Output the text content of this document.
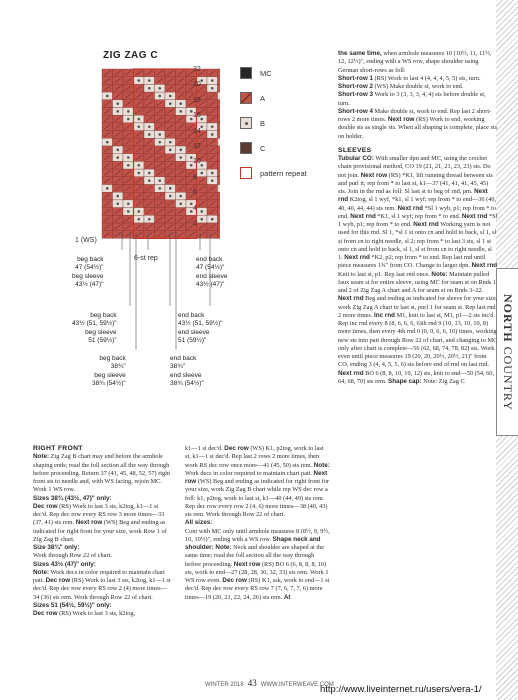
NORTH COUNTRY
ZIG ZAG C
22
20
18
16
14
12
10
8
6
4
2
1 (WS)
6-st rep
MC
A
B
C
pattern repeat
beg back
47 (54½)"
beg sleeve
43½ (47)"
beg back
43½ (51, 59½)"
beg sleeve
51 (59½)"
beg back
38¾"
beg sleeve
38¾ (54½)"
end back
47 (54½)"
end sleeve
43½ (47)"
end back
43½ (51, 59½)"
end sleeve
51 (59½)"
end back
38¾"
end sleeve
38¾ (54½)"

the same time, when armhole measures 10 (10½, 11, 11½, 12, 12½)", ending with a WS row, shape shoulder using German short-rows as foll:

Short-row 1 (RS) Work to last 4 (4, 4, 4, 5, 5) sts, turn.

Short-row 2 (WS) Make double st, work to end.

Short-row 3 Work to 3 (3, 3, 3, 4, 4) sts before double st, turn.

Short-row 4 Make double st, work to end. Rep last 2 short-rows 2 more times. Next row (RS) Work to end, working double sts as single sts. When all shaping is complete, place sts on holder.

SLEEVES

Tubular CO: With smaller dpn and MC, using the crochet chain provisional method, CO 19 (21, 21, 21, 23, 23) sts. Do not join. Next row (RS) *K1, lift running thread between sts and purl it; rep from * to last st, k1—37 (41, 41, 41, 45, 45) sts. Join in the rnd as foll: Sl last st to beg of rnd, pm. Next rnd K2tog, sl 1 wyf, *k1, sl 1 wyf; rep from * to end—36 (40, 40, 40, 44, 44) sts rem. Next rnd *Sl 1 wyb, p1; rep from * to end. Next rnd *K1, sl 1 wyf; rep from * to end. Next rnd *Sl 1 wyb, p1; rep from * to end. Next rnd Working yarn is not used for this rnd. Sl 1, *sl 1 st onto cn and hold to back, sl 1, sl st from cn to right needle, sl 2; rep from * to last 3 sts, sl 1 st onto cn and hold to back, sl 1, sl st from cn to right needle, sl 1. Next rnd *K2, p2; rep from * to end. Rep last rnd until piece measures 1¾" from CO. Change to larger dpn. Next rnd Knit to last st, p1. Rep last rnd once. Note: Maintain pulled faux seam st for entire sleeve, using MC for seam st on Rnds 1 and 2 of Zig Zag A chart and A for seam st on Rnds 3–22. Next rnd Beg and ending as indicated for sleeve for your size, work Zig Zag A chart to last st, purl 1 for seam st. Rep last rnd 2 more times. Inc rnd M1, knit to last st, M1, p1—2 sts inc'd. Rep inc rnd every 8 (8, 6, 6, 6, 6)th rnd 9 (10, 13, 10, 10, 8) more times, then every 4th rnd 0 (0, 0, 6, 6, 10) times, working new sts into patt through Row 22 of chart, and changing to MC only after chart is complete—56 (62, 68, 74, 78, 82) sts. Work even until piece measures 19 (20, 20, 20½, 20½, 21)" from CO, ending 3 (4, 4, 5, 5, 6) sts before end of rnd on last rnd. Next rnd BO 6 (8, 8, 10, 10, 12) sts, knit to end—50 (54, 60, 64, 68, 70) sts rem. Shape cap: Note: Zig Zag C

RIGHT FRONT

Note: Zig Zag B chart may end before the armhole shaping ends; read the foll section all the way through before proceeding. Return 37 (41, 45, 48, 52, 57) right front sts to needle and, with WS facing, rejoin MC. Work 1 WS row.

Sizes 38¾ (43½, 47)" only:

Dec row (RS) Work to last 3 sts, k2tog, k1—1 st dec'd. Rep dec row every RS row 3 more times—33 (37, 41) sts rem. Next row (WS) Beg and ending as indicated for right front for your size, work Row 1 of Zig Zag B chart.

Size 38¾" only:

Work through Row 22 of chart.

Sizes 43½ (47)" only:

Note: Work decs in color required to maintain chart patt. Dec row (RS) Work to last 3 sts, k2tog, k1—1 st dec'd. Rep dec row every RS row 2 (4) more times—34 (36) sts rem. Work through Row 22 of chart.

Sizes 51 (54½, 59½)" only:

Dec row (RS) Work to last 3 sts, k2tog,

k1—1 st dec'd. Dec row (WS) K1, p2tog, work to last st, k1—1 st dec'd. Rep last 2 rows 2 more times, then work RS dec row once more—41 (45, 50) sts rem. Note: Work decs in color required to maintain chart patt. Next row (WS) Beg and ending as indicated for right front for your size, work Zig Zag B chart while rep WS dec row a foll: k1, p2tog, work to last st, k1—40 (44, 49) sts rem. Rep dec row every row 2 (4, 6) more times—38 (40, 43) sts rem. Work through Row 22 of chart.

All sizes:

Cont with MC only until armhole measures 8 (8½, 9, 9½, 10, 10½)", ending with a WS row. Shape neck and shoulder: Note: Neck and shoulder are shaped at the same time; read the foll section all the way through before proceeding. Next row (RS) BO 6 (6, 8, 8, 8, 10) sts, work to end—27 (28, 28, 30, 32, 33) sts rem. Work 1 WS row even. Dec row (RS) K1, ssk, work to end—1 st dec'd. Rep dec row every RS row 7 (7, 6, 7, 7, 6) more times—19 (20, 21, 22, 24, 26) sts rem. At

WINTER 2018 43 WWW.INTERWEAVE.COM
http://www.liveinternet.ru/users/vera-1/
